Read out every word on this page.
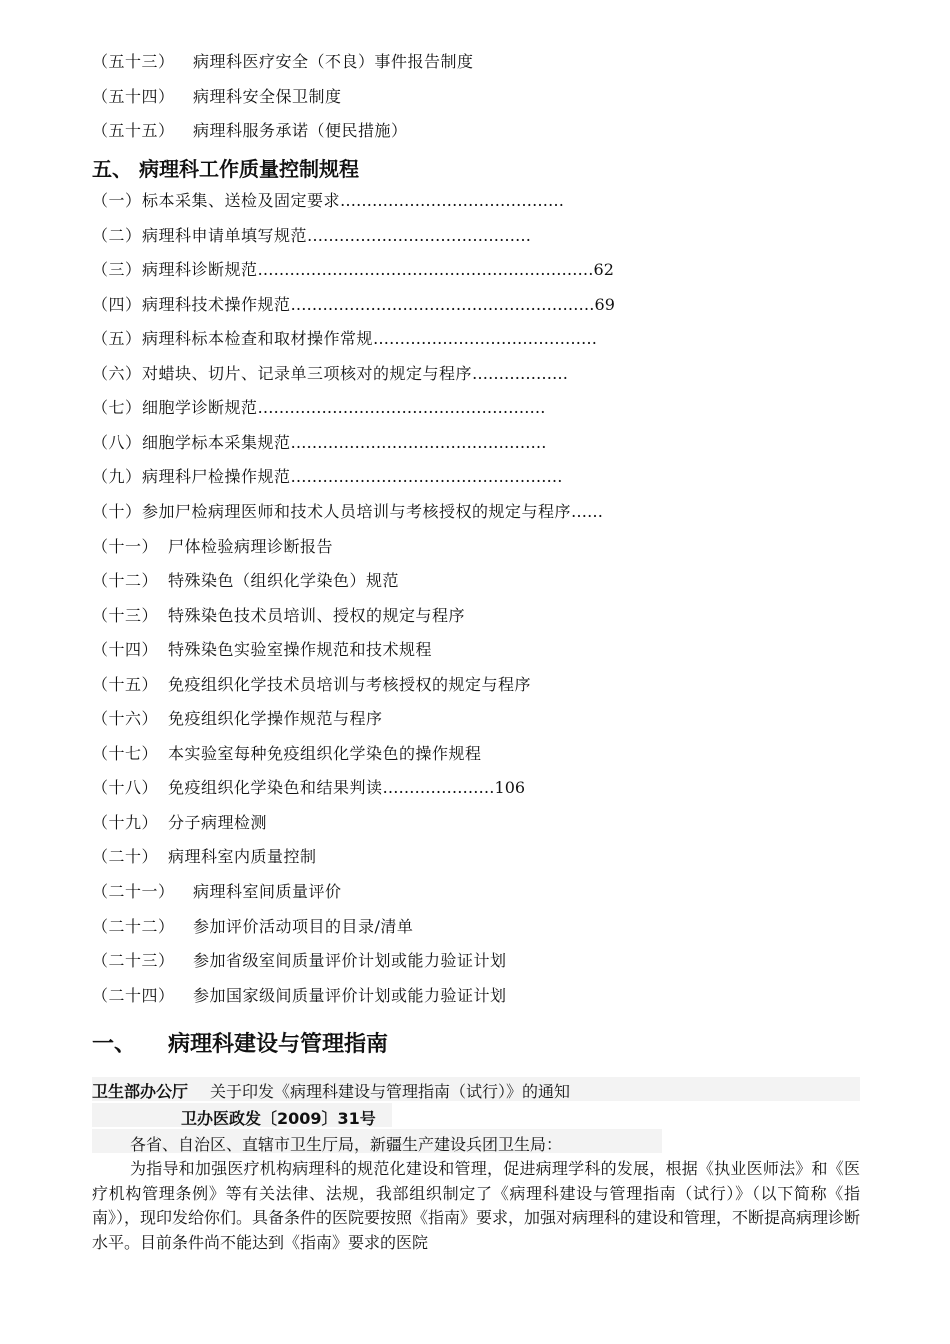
（五十三） 病理科医疗安全（不良）事件报告制度
（五十四） 病理科安全保卫制度
（五十五） 病理科服务承诺（便民措施）
五、 病理科工作质量控制规程
（一）标本采集、送检及固定要求……………………………………
（二）病理科申请单填写规范……………………………………
（三）病理科诊断规范………………………………………………………62
（四）病理科技术操作规范…………………………………………………69
（五）病理科标本检查和取材操作常规……………………………………
（六）对蜡块、切片、记录单三项核对的规定与程序………………
（七）细胞学诊断规范………………………………………………
（八）细胞学标本采集规范…………………………………………
（九）病理科尸检操作规范……………………………………………
（十）参加尸检病理医师和技术人员培训与考核授权的规定与程序……
（十一） 尸体检验病理诊断报告
（十二） 特殊染色（组织化学染色）规范
（十三） 特殊染色技术员培训、授权的规定与程序
（十四） 特殊染色实验室操作规范和技术规程
（十五） 免疫组织化学技术员培训与考核授权的规定与程序
（十六） 免疫组织化学操作规范与程序
（十七） 本实验室每种免疫组织化学染色的操作规程
（十八） 免疫组织化学染色和结果判读…………………106
（十九） 分子病理检测
（二十） 病理科室内质量控制
（二十一） 病理科室间质量评价
（二十二） 参加评价活动项目的目录/清单
（二十三） 参加省级室间质量评价计划或能力验证计划
（二十四） 参加国家级间质量评价计划或能力验证计划
一、 病理科建设与管理指南
卫生部办公厅 关于印发《病理科建设与管理指南（试行）》的通知
卫办医政发〔2009〕31号
各省、自治区、直辖市卫生厅局，新疆生产建设兵团卫生局：

为指导和加强医疗机构病理科的规范化建设和管理，促进病理学科的发展，根据《执业医师法》和《医疗机构管理条例》等有关法律、法规，我部组织制定了《病理科建设与管理指南（试行）》（以下简称《指南》），现印发给你们。具备条件的医院要按照《指南》要求，加强对病理科的建设和管理，不断提高病理诊断水平。目前条件尚不能达到《指南》要求的医院
